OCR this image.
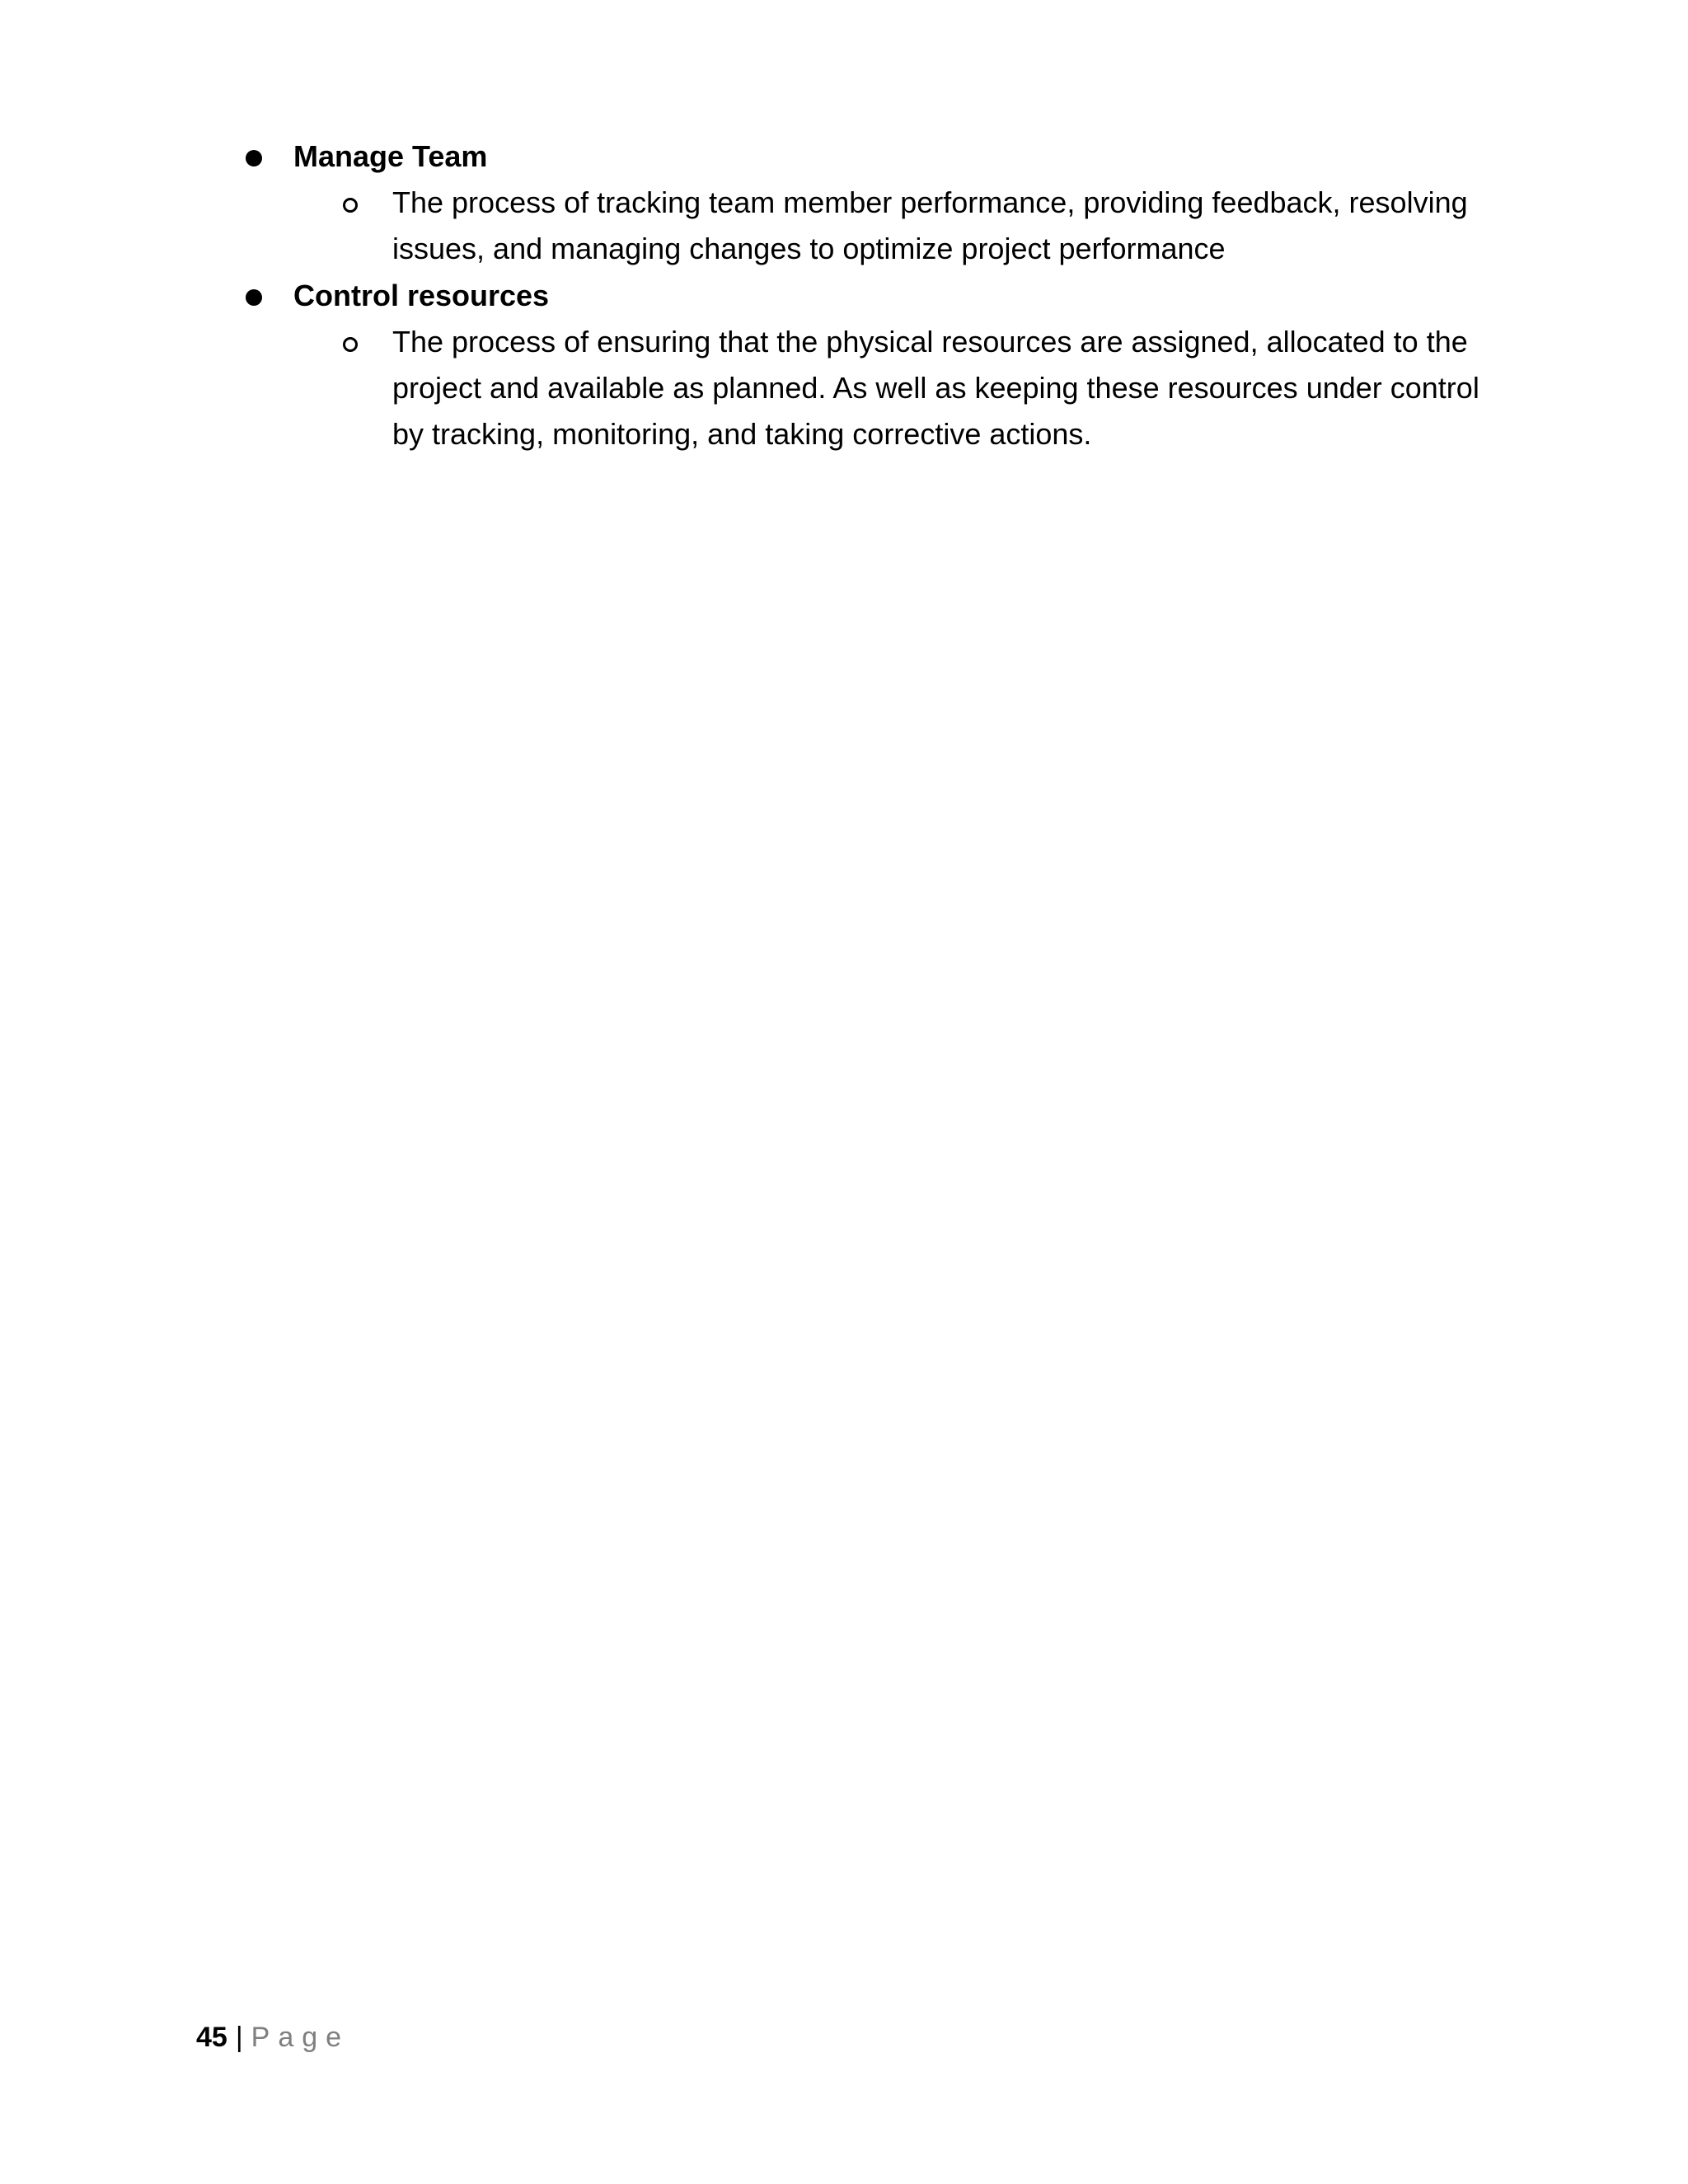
Manage Team
The process of tracking team member performance, providing feedback, resolving issues, and managing changes to optimize project performance
Control resources
The process of ensuring that the physical resources are assigned, allocated to the project and available as planned. As well as keeping these resources under control by tracking, monitoring, and taking corrective actions.
45 | Page
